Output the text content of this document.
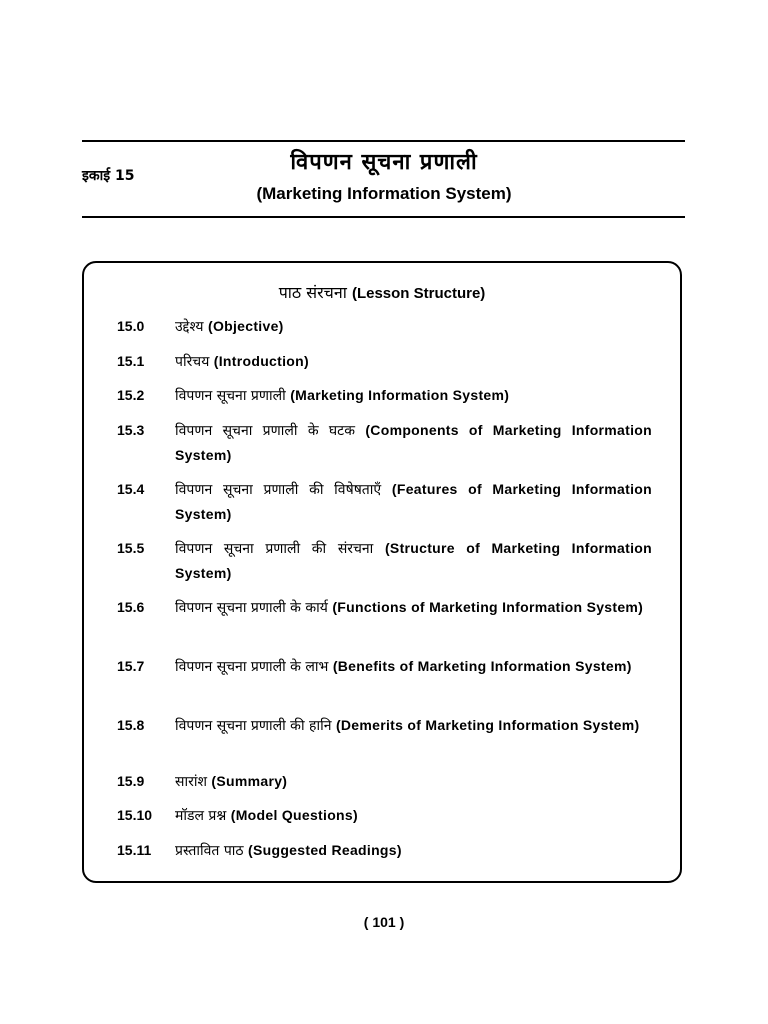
इकाई 15
विपणन सूचना प्रणाली
(Marketing Information System)
पाठ संरचना (Lesson Structure)
15.0 उद्देश्य (Objective)
15.1 परिचय (Introduction)
15.2 विपणन सूचना प्रणाली (Marketing Information System)
15.3 विपणन सूचना प्रणाली के घटक (Components of Marketing Information System)
15.4 विपणन सूचना प्रणाली की विषेषताएँ (Features of Marketing Information System)
15.5 विपणन सूचना प्रणाली की संरचना (Structure of Marketing Information System)
15.6 विपणन सूचना प्रणाली के कार्य (Functions of Marketing Information System)
15.7 विपणन सूचना प्रणाली के लाभ (Benefits of Marketing Information System)
15.8 विपणन सूचना प्रणाली की हानि (Demerits of Marketing Information System)
15.9 सारांश (Summary)
15.10 मॉडल प्रश्न (Model Questions)
15.11 प्रस्तावित पाठ (Suggested Readings)
( 101 )
